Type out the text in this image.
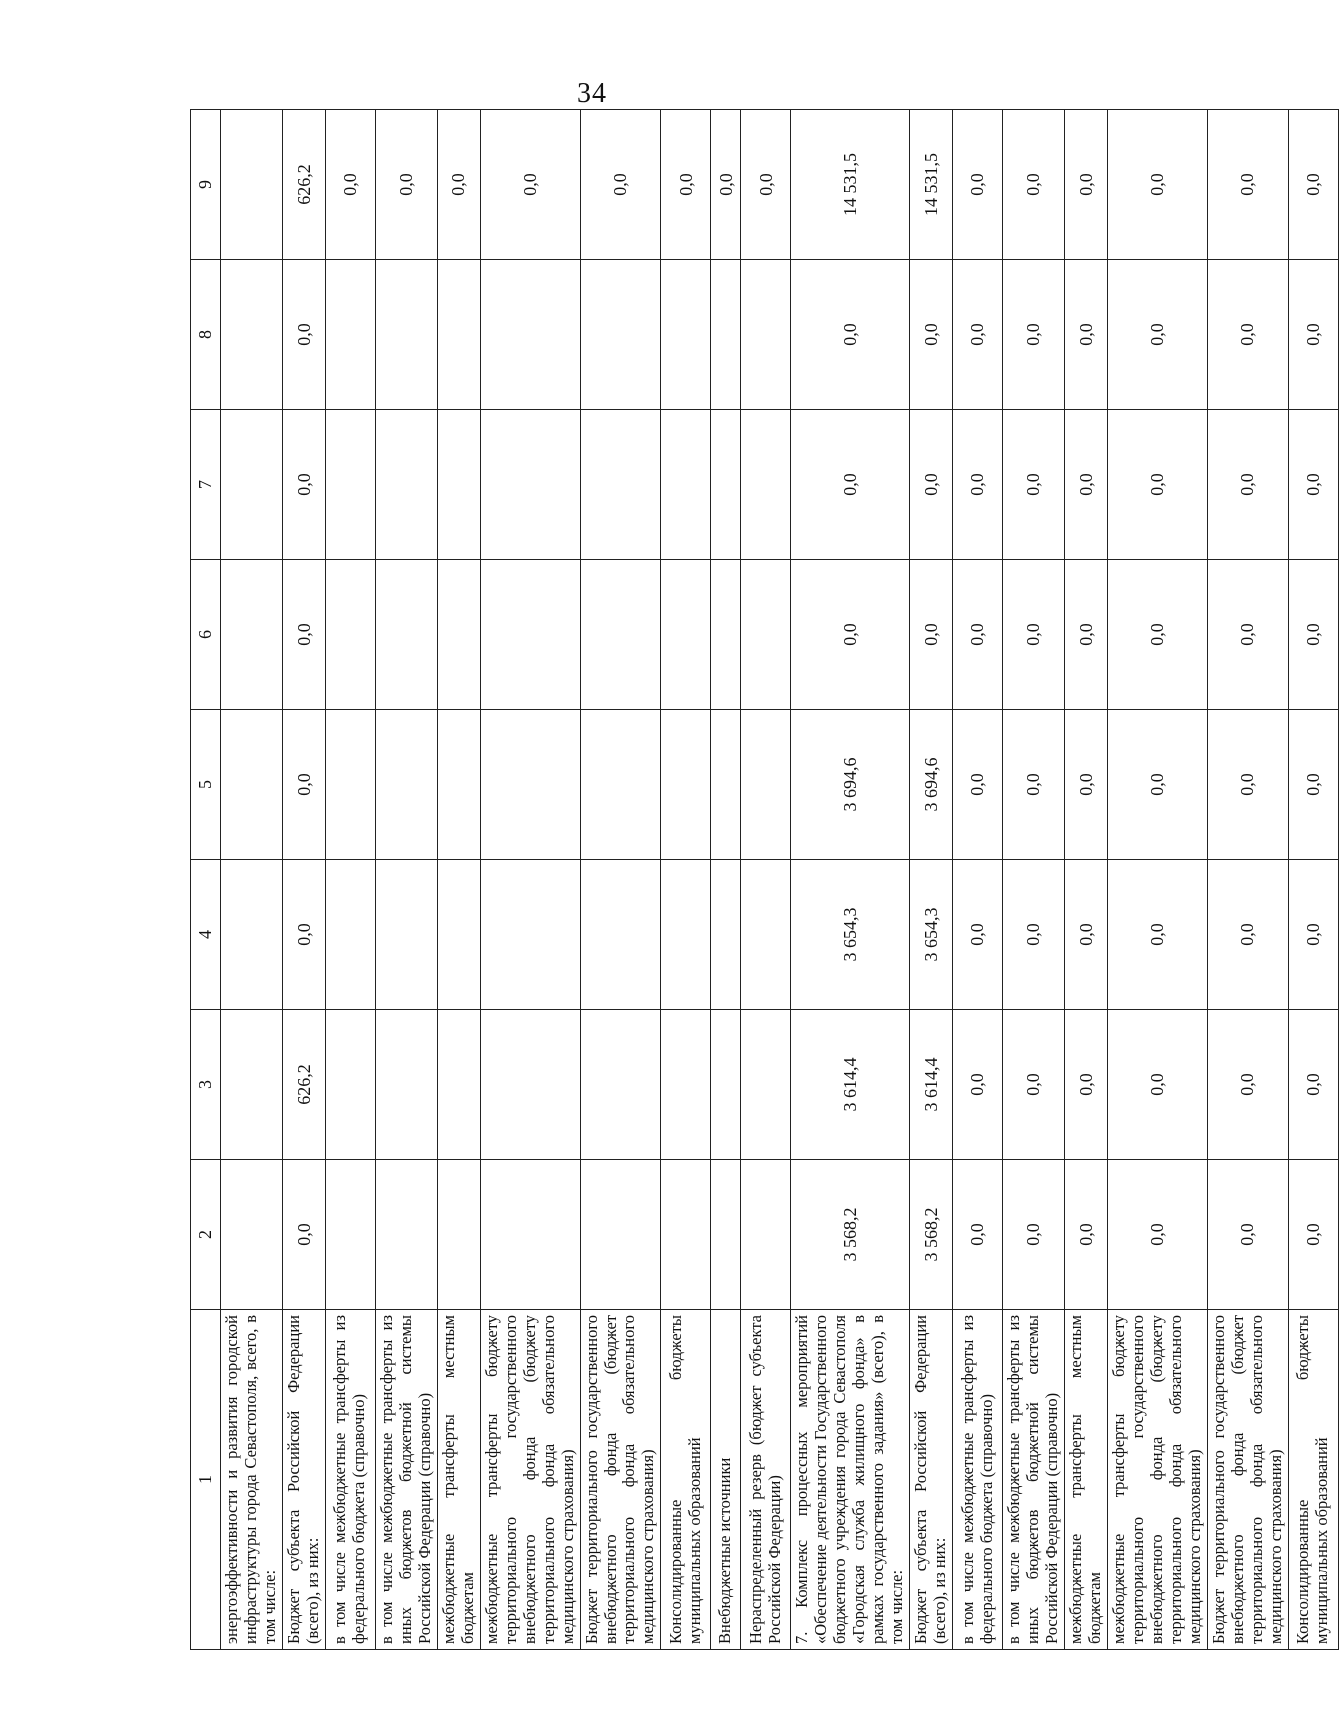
34
1	2	3	4	5	6	7	8	9
энергоэффективности и развития городской инфраструктуры города Севастополя, всего, в том числе:								
Бюджет субъекта Российской Федерации (всего), из них:	0,0	626,2	0,0	0,0	0,0	0,0	0,0	626,2
в том числе межбюджетные трансферты из федерального бюджета (справочно)								0,0
в том числе межбюджетные трансферты из иных бюджетов бюджетной системы Российской Федерации (справочно)								0,0
межбюджетные трансферты местным бюджетам								0,0
межбюджетные трансферты бюджету территориального государственного внебюджетного фонда (бюджету территориального фонда обязательного медицинского страхования)								0,0
Бюджет территориального государственного внебюджетного фонда (бюджет территориального фонда обязательного медицинского страхования)								0,0
Консолидированные бюджеты муниципальных образований								0,0
Внебюджетные источники								0,0
Нераспределенный резерв (бюджет субъекта Российской Федерации)								0,0
7. Комплекс процессных мероприятий «Обеспечение деятельности Государственного бюджетного учреждения города Севастополя «Городская служба жилищного фонда» в рамках государственного задания» (всего), в том числе:	3 568,2	3 614,4	3 654,3	3 694,6	0,0	0,0	0,0	14 531,5
Бюджет субъекта Российской Федерации (всего), из них:	3 568,2	3 614,4	3 654,3	3 694,6	0,0	0,0	0,0	14 531,5
в том числе межбюджетные трансферты из федерального бюджета (справочно)	0,0	0,0	0,0	0,0	0,0	0,0	0,0	0,0
в том числе межбюджетные трансферты из иных бюджетов бюджетной системы Российской Федерации (справочно)	0,0	0,0	0,0	0,0	0,0	0,0	0,0	0,0
межбюджетные трансферты местным бюджетам	0,0	0,0	0,0	0,0	0,0	0,0	0,0	0,0
межбюджетные трансферты бюджету территориального государственного внебюджетного фонда (бюджету территориального фонда обязательного медицинского страхования)	0,0	0,0	0,0	0,0	0,0	0,0	0,0	0,0
Бюджет территориального государственного внебюджетного фонда (бюджет территориального фонда обязательного медицинского страхования)	0,0	0,0	0,0	0,0	0,0	0,0	0,0	0,0
Консолидированные бюджеты муниципальных образований	0,0	0,0	0,0	0,0	0,0	0,0	0,0	0,0
